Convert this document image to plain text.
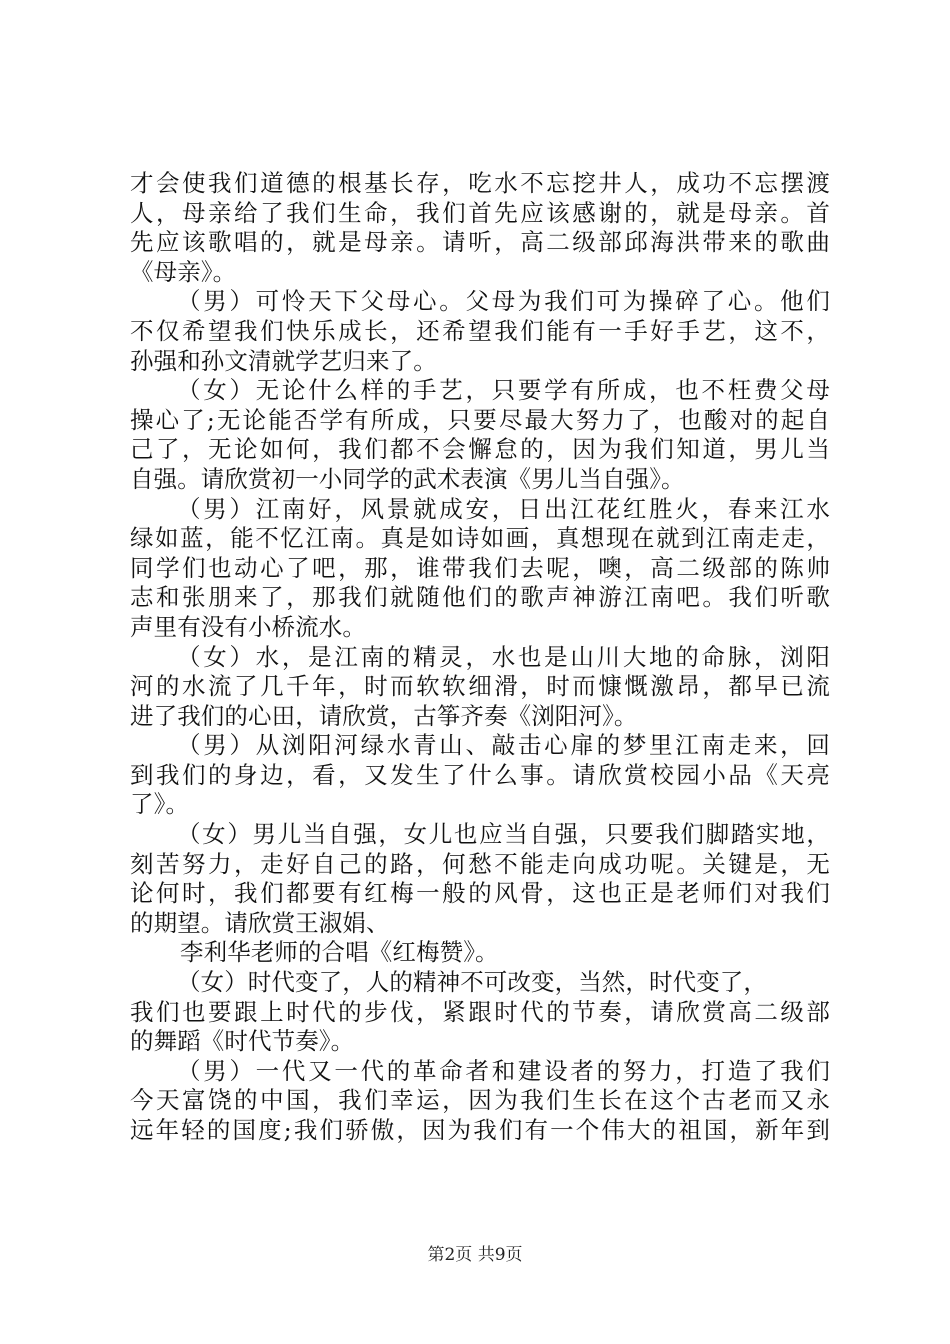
才会使我们道德的根基长存，吃水不忘挖井人，成功不忘摆渡
人，母亲给了我们生命，我们首先应该感谢的，就是母亲。首
先应该歌唱的，就是母亲。请听，高二级部邱海洪带来的歌曲
《母亲》。
（男）可怜天下父母心。父母为我们可为操碎了心。他们
不仅希望我们快乐成长，还希望我们能有一手好手艺，这不，
孙强和孙文清就学艺归来了。
（女）无论什么样的手艺，只要学有所成，也不枉费父母
操心了;无论能否学有所成，只要尽最大努力了，也酸对的起自
己了，无论如何，我们都不会懈怠的，因为我们知道，男儿当
自强。请欣赏初一小同学的武术表演《男儿当自强》。
（男）江南好，风景就成安，日出江花红胜火，春来江水
绿如蓝，能不忆江南。真是如诗如画，真想现在就到江南走走，
同学们也动心了吧，那，谁带我们去呢，噢，高二级部的陈帅
志和张朋来了，那我们就随他们的歌声神游江南吧。我们听歌
声里有没有小桥流水。
（女）水，是江南的精灵，水也是山川大地的命脉，浏阳
河的水流了几千年，时而软软细滑，时而慷慨激昂，都早已流
进了我们的心田，请欣赏，古筝齐奏《浏阳河》。
（男）从浏阳河绿水青山、敲击心扉的梦里江南走来，回
到我们的身边，看，又发生了什么事。请欣赏校园小品《天亮
了》。
（女）男儿当自强，女儿也应当自强，只要我们脚踏实地，
刻苦努力，走好自己的路，何愁不能走向成功呢。关键是，无
论何时，我们都要有红梅一般的风骨，这也正是老师们对我们
的期望。请欣赏王淑娟、
李利华老师的合唱《红梅赞》。
（女）时代变了，人的精神不可改变，当然，时代变了，
我们也要跟上时代的步伐，紧跟时代的节奏，请欣赏高二级部
的舞蹈《时代节奏》。
（男）一代又一代的革命者和建设者的努力，打造了我们
今天富饶的中国，我们幸运，因为我们生长在这个古老而又永
远年轻的国度;我们骄傲，因为我们有一个伟大的祖国，新年到
第2页 共9页
